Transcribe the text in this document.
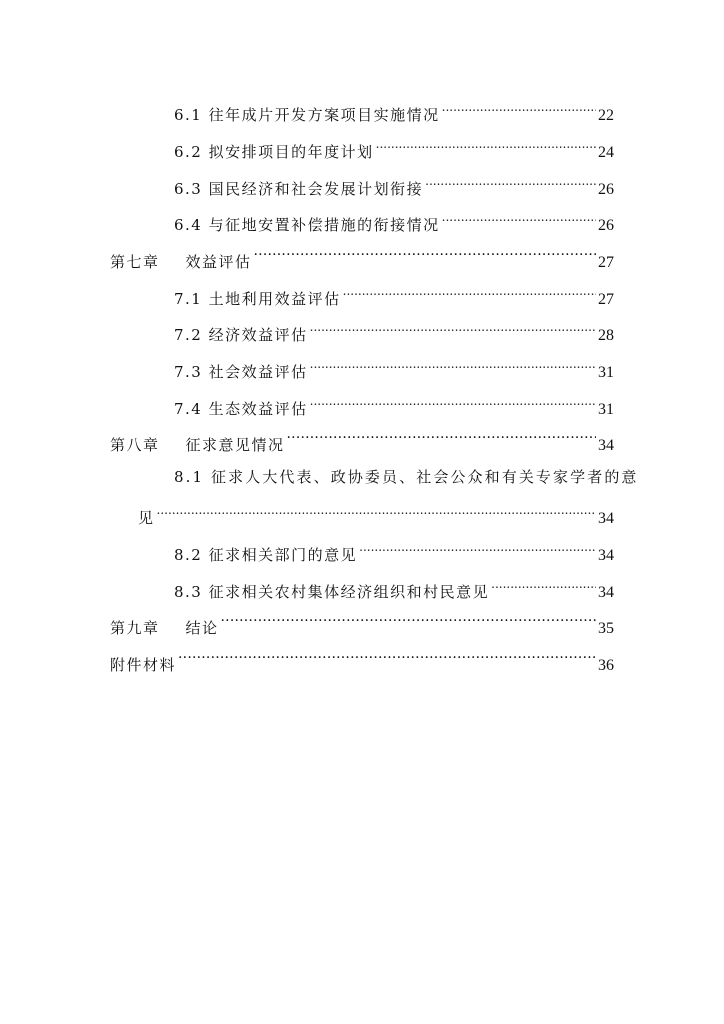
6.1 往年成片开发方案项目实施情况 .....	22
6.2 拟安排项目的年度计划 .....	24
6.3 国民经济和社会发展计划衔接 .....	26
6.4 与征地安置补偿措施的衔接情况 .....	26
第七章 效益评估 ·····	27
7.1 土地利用效益评估 .....	27
7.2 经济效益评估 .....	28
7.3 社会效益评估 .....	31
7.4 生态效益评估 .....	31
第八章 征求意见情况 ·····	34
8.1 征求人大代表、政协委员、社会公众和有关专家学者的意
见 .....	34
8.2 征求相关部门的意见 .....	34
8.3 征求相关农村集体经济组织和村民意见 .....	34
第九章 结论 ·····	35
附件材料 ·····	36
